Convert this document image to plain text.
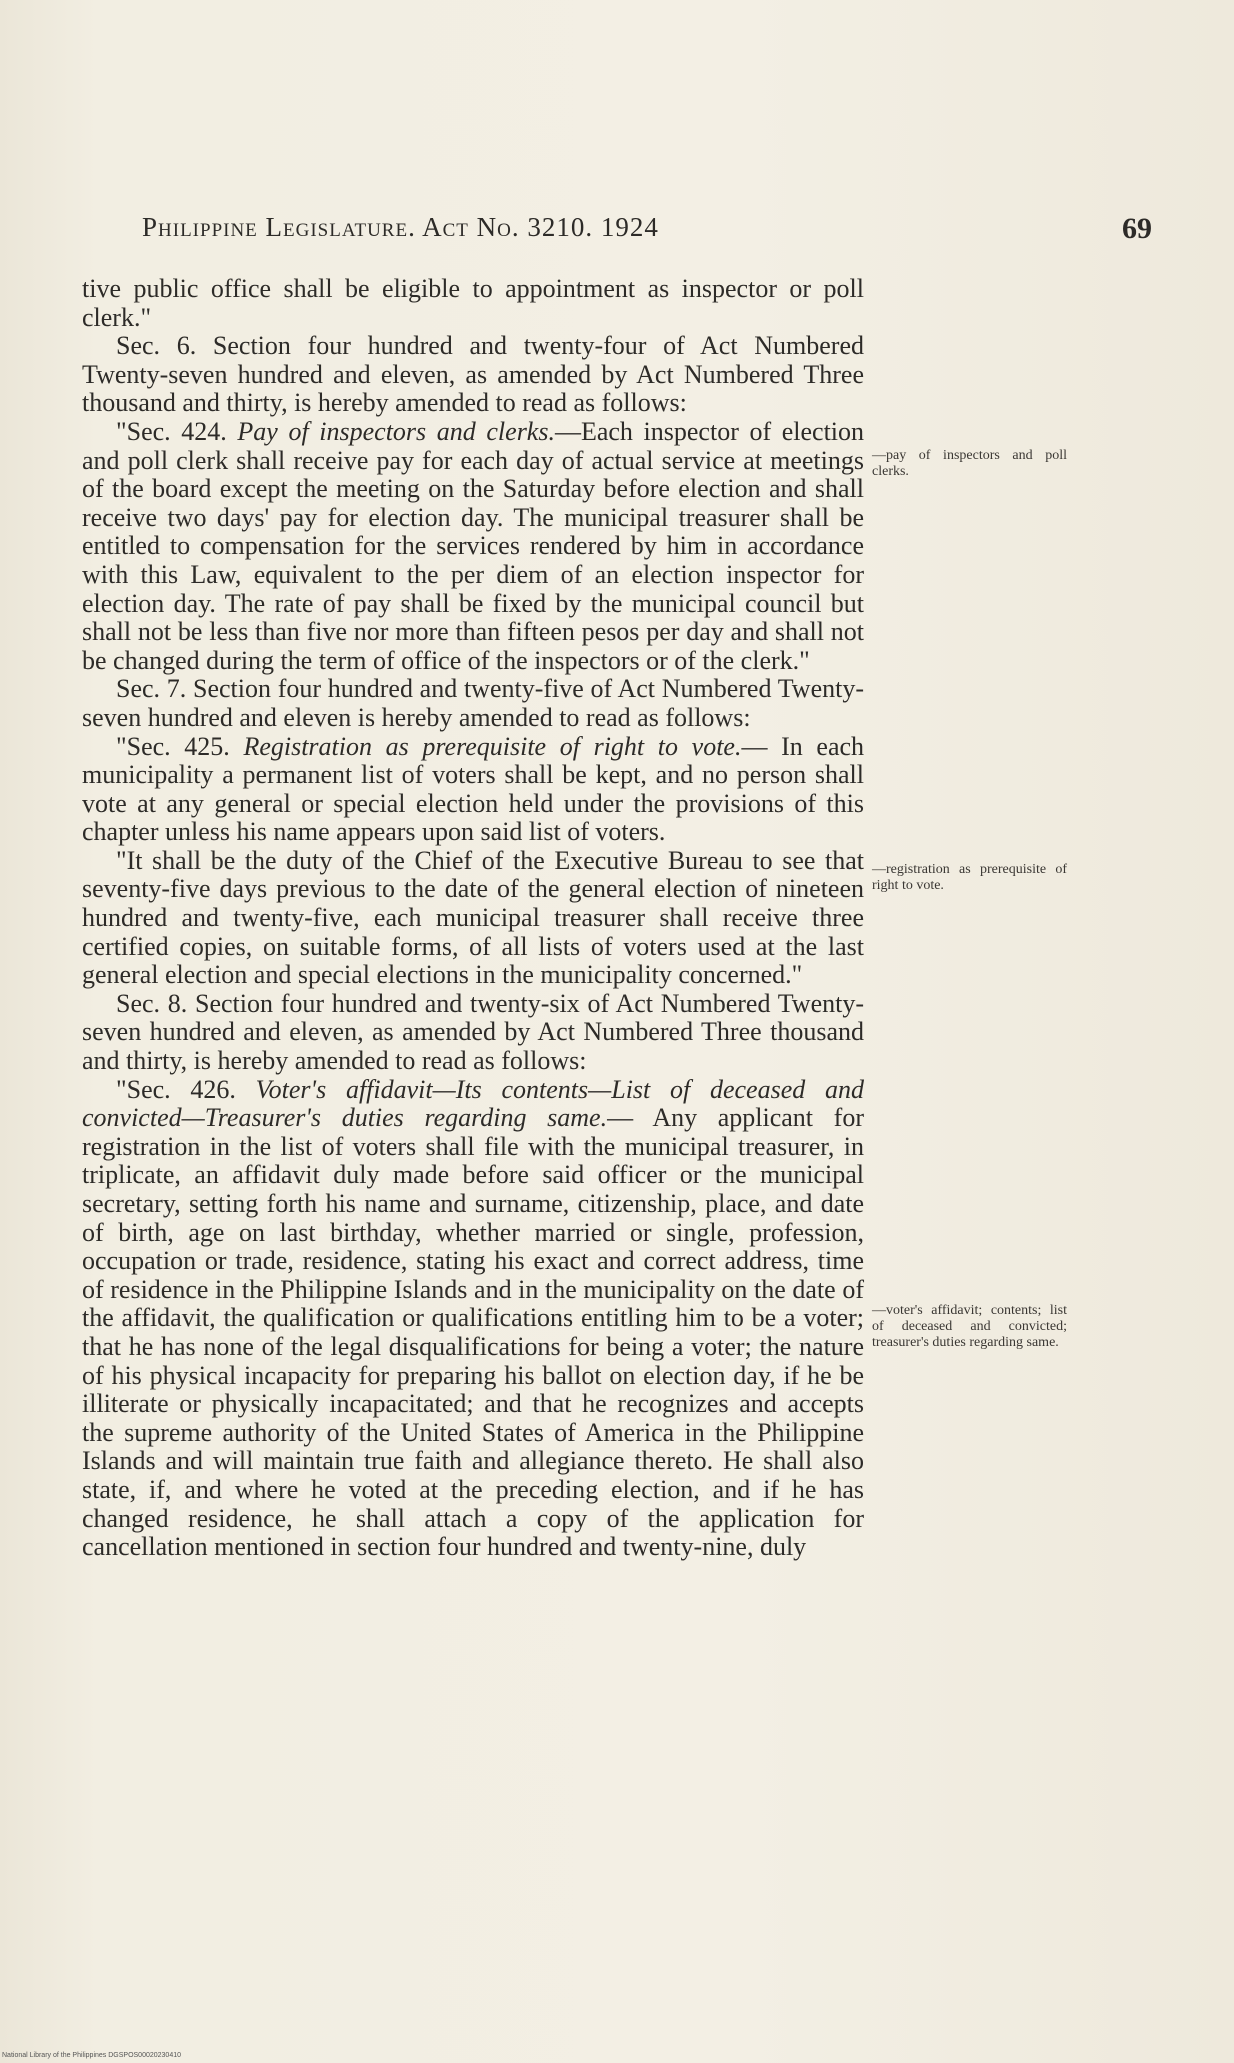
Philippine Legislature. Act No. 3210. 1924	69

tive public office shall be eligible to appointment as inspector or poll clerk."

Sec. 6. Section four hundred and twenty-four of Act Numbered Twenty-seven hundred and eleven, as amended by Act Numbered Three thousand and thirty, is hereby amended to read as follows:

"Sec. 424. Pay of inspectors and clerks.—Each inspector of election and poll clerk shall receive pay for each day of actual service at meetings of the board except the meeting on the Saturday before election and shall receive two days' pay for election day. The municipal treasurer shall be entitled to compensation for the services rendered by him in accordance with this Law, equivalent to the per diem of an election inspector for election day. The rate of pay shall be fixed by the municipal council but shall not be less than five nor more than fifteen pesos per day and shall not be changed during the term of office of the inspectors or of the clerk."

Sec. 7. Section four hundred and twenty-five of Act Numbered Twenty-seven hundred and eleven is hereby amended to read as follows:

"Sec. 425. Registration as prerequisite of right to vote.— In each municipality a permanent list of voters shall be kept, and no person shall vote at any general or special election held under the provisions of this chapter unless his name appears upon said list of voters.

"It shall be the duty of the Chief of the Executive Bureau to see that seventy-five days previous to the date of the general election of nineteen hundred and twenty-five, each municipal treasurer shall receive three certified copies, on suitable forms, of all lists of voters used at the last general election and special elections in the municipality concerned."

Sec. 8. Section four hundred and twenty-six of Act Numbered Twenty-seven hundred and eleven, as amended by Act Numbered Three thousand and thirty, is hereby amended to read as follows:

"Sec. 426. Voter's affidavit—Its contents—List of deceased and convicted—Treasurer's duties regarding same.— Any applicant for registration in the list of voters shall file with the municipal treasurer, in triplicate, an affidavit duly made before said officer or the municipal secretary, setting forth his name and surname, citizenship, place, and date of birth, age on last birthday, whether married or single, profession, occupation or trade, residence, stating his exact and correct address, time of residence in the Philippine Islands and in the municipality on the date of the affidavit, the qualification or qualifications entitling him to be a voter; that he has none of the legal disqualifications for being a voter; the nature of his physical incapacity for preparing his ballot on election day, if he be illiterate or physically incapacitated; and that he recognizes and accepts the supreme authority of the United States of America in the Philippine Islands and will maintain true faith and allegiance thereto. He shall also state, if, and where he voted at the preceding election, and if he has changed residence, he shall attach a copy of the application for cancellation mentioned in section four hundred and twenty-nine, duly

—pay of inspectors and poll clerks.
—registration as prerequisite of right to vote.
—voter's affidavit; contents; list of deceased and convicted; treasurer's duties regarding same.
National Library of the Philippines DGSPOS00020230410
